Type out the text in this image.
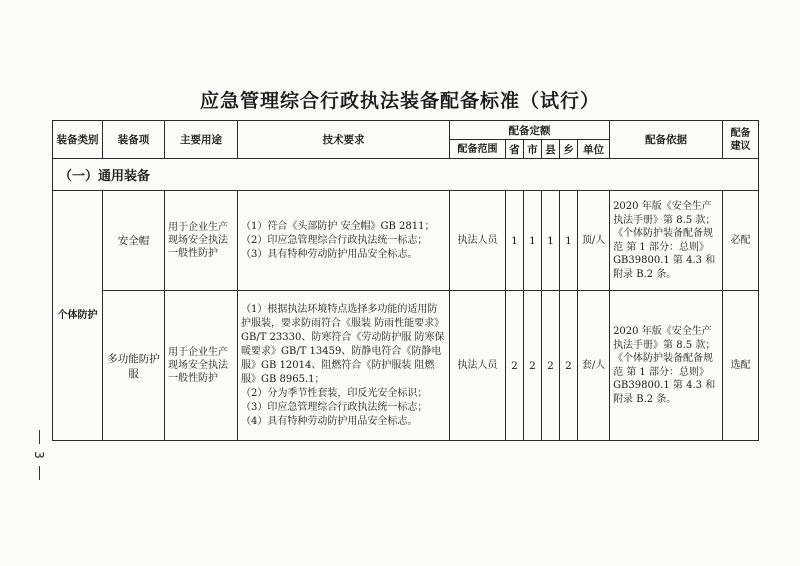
应急管理综合行政执法装备配备标准（试行）
装备类别	装备项	主要用途	技术要求	配备定额						配备依据	配备建议
				配备范围	省	市	县	乡	单位		
（一）通用装备											
个体防护	安全帽	用于企业生产现场安全执法一般性防护	（1）符合《头部防护 安全帽》GB 2811；
（2）印应急管理综合行政执法统一标志；
（3）具有特种劳动防护用品安全标志。	执法人员	1	1	1	1	顶/人	2020 年版《安全生产执法手册》第 8.5 款；《个体防护装备配备规范 第 1 部分：总则》GB39800.1 第 4.3 和附录 B.2 条。	必配
	多功能防护服	用于企业生产现场安全执法一般性防护	（1）根据执法环境特点选择多功能的适用防护服装，要求防雨符合《服装 防雨性能要求》GB/T 23330、防寒符合《劳动防护服 防寒保暖要求》GB/T 13459、防静电符合《防静电服》GB 12014、阻燃符合《防护服装 阻燃服》GB 8965.1；
（2）分为季节性套装，印反光安全标识；
（3）印应急管理综合行政执法统一标志；
（4）具有特种劳动防护用品安全标志。	执法人员	2	2	2	2	套/人	2020 年版《安全生产执法手册》第 8.5 款；《个体防护装备配备规范 第 1 部分：总则》GB39800.1 第 4.3 和附录 B.2 条。	选配
3
